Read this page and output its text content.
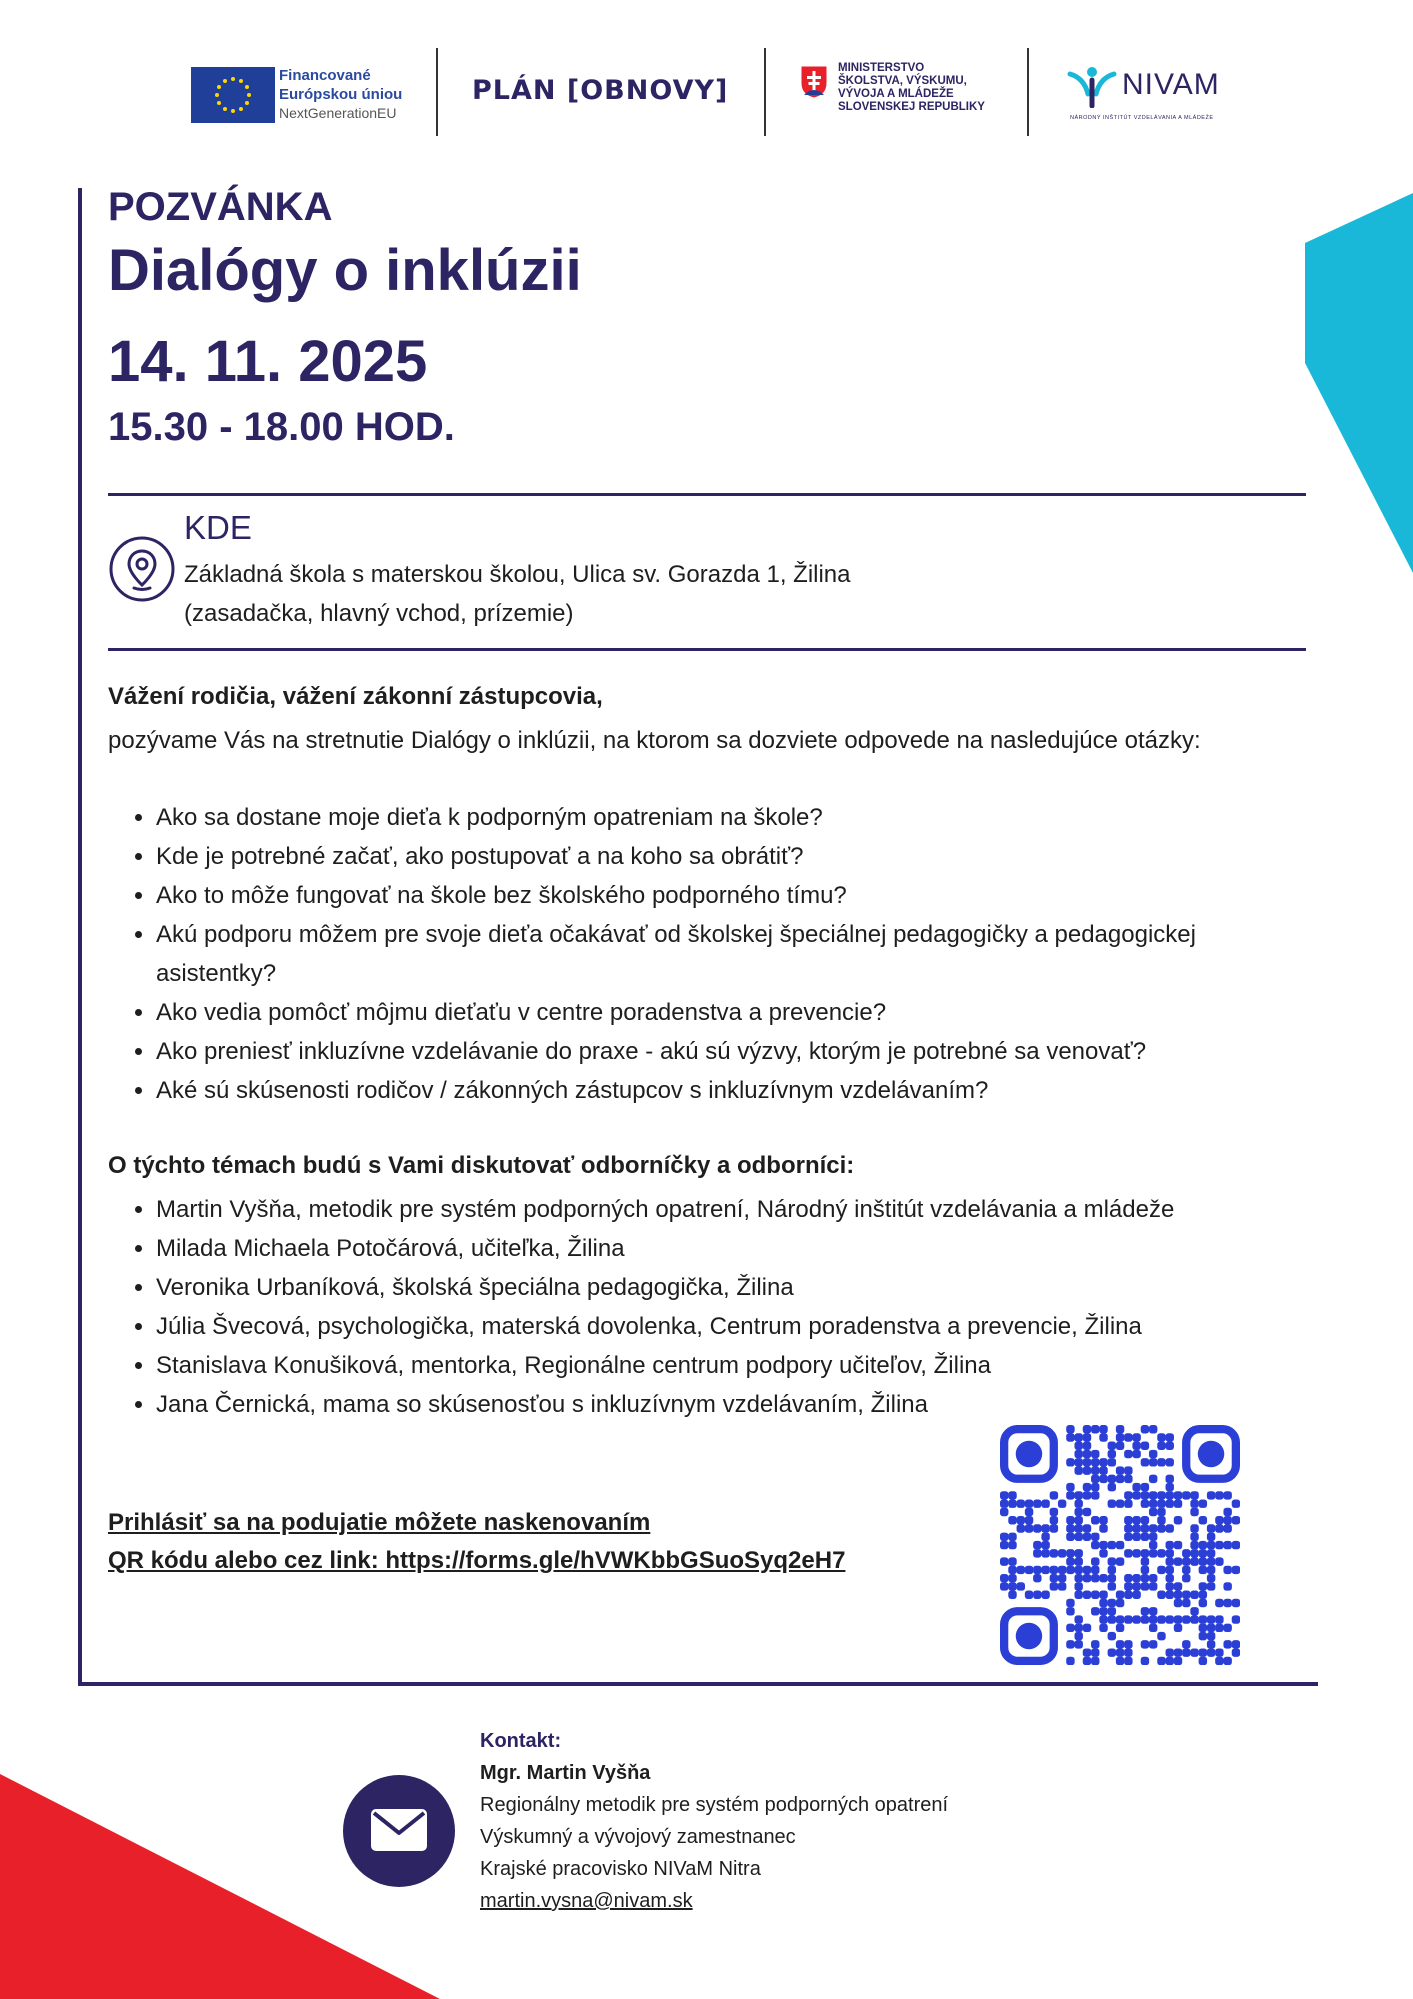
Financované
Európskou úniou
NextGenerationEU
PLÁN [OBNOVY]
MINISTERSTVO
ŠKOLSTVA, VÝSKUMU,
VÝVOJA A MLÁDEŽE
SLOVENSKEJ REPUBLIKY
NIVAM
NÁRODNÝ INŠTITÚT VZDELÁVANIA A MLÁDEŽE
POZVÁNKA
Dialógy o inklúzii
14. 11. 2025
15.30 - 18.00 HOD.
KDE
Základná škola s materskou školou, Ulica sv. Gorazda 1, Žilina
(zasadačka, hlavný vchod, prízemie)
Vážení rodičia, vážení zákonní zástupcovia,
pozývame Vás na stretnutie Dialógy o inklúzii, na ktorom sa dozviete odpovede na nasledujúce otázky:
• Ako sa dostane moje dieťa k podporným opatreniam na škole?
• Kde je potrebné začať, ako postupovať a na koho sa obrátiť?
• Ako to môže fungovať na škole bez školského podporného tímu?
• Akú podporu môžem pre svoje dieťa očakávať od školskej špeciálnej pedagogičky a pedagogickej asistentky?
• Ako vedia pomôcť môjmu dieťaťu v centre poradenstva a prevencie?
• Ako preniesť inkluzívne vzdelávanie do praxe - akú sú výzvy, ktorým je potrebné sa venovať?
• Aké sú skúsenosti rodičov / zákonných zástupcov s inkluzívnym vzdelávaním?
O týchto témach budú s Vami diskutovať odborníčky a odborníci:
• Martin Vyšňa, metodik pre systém podporných opatrení, Národný inštitút vzdelávania a mládeže
• Milada Michaela Potočárová, učiteľka, Žilina
• Veronika Urbaníková, školská špeciálna pedagogička, Žilina
• Júlia Švecová, psychologička, materská dovolenka, Centrum poradenstva a prevencie, Žilina
• Stanislava Konušiková, mentorka, Regionálne centrum podpory učiteľov, Žilina
• Jana Černická, mama so skúsenosťou s inkluzívnym vzdelávaním, Žilina
Prihlásiť sa na podujatie môžete naskenovaním
QR kódu alebo cez link: https://forms.gle/hVWKbbGSuoSyq2eH7
Kontakt:
Mgr. Martin Vyšňa
Regionálny metodik pre systém podporných opatrení
Výskumný a vývojový zamestnanec
Krajské pracovisko NIVaM Nitra
martin.vysna@nivam.sk
